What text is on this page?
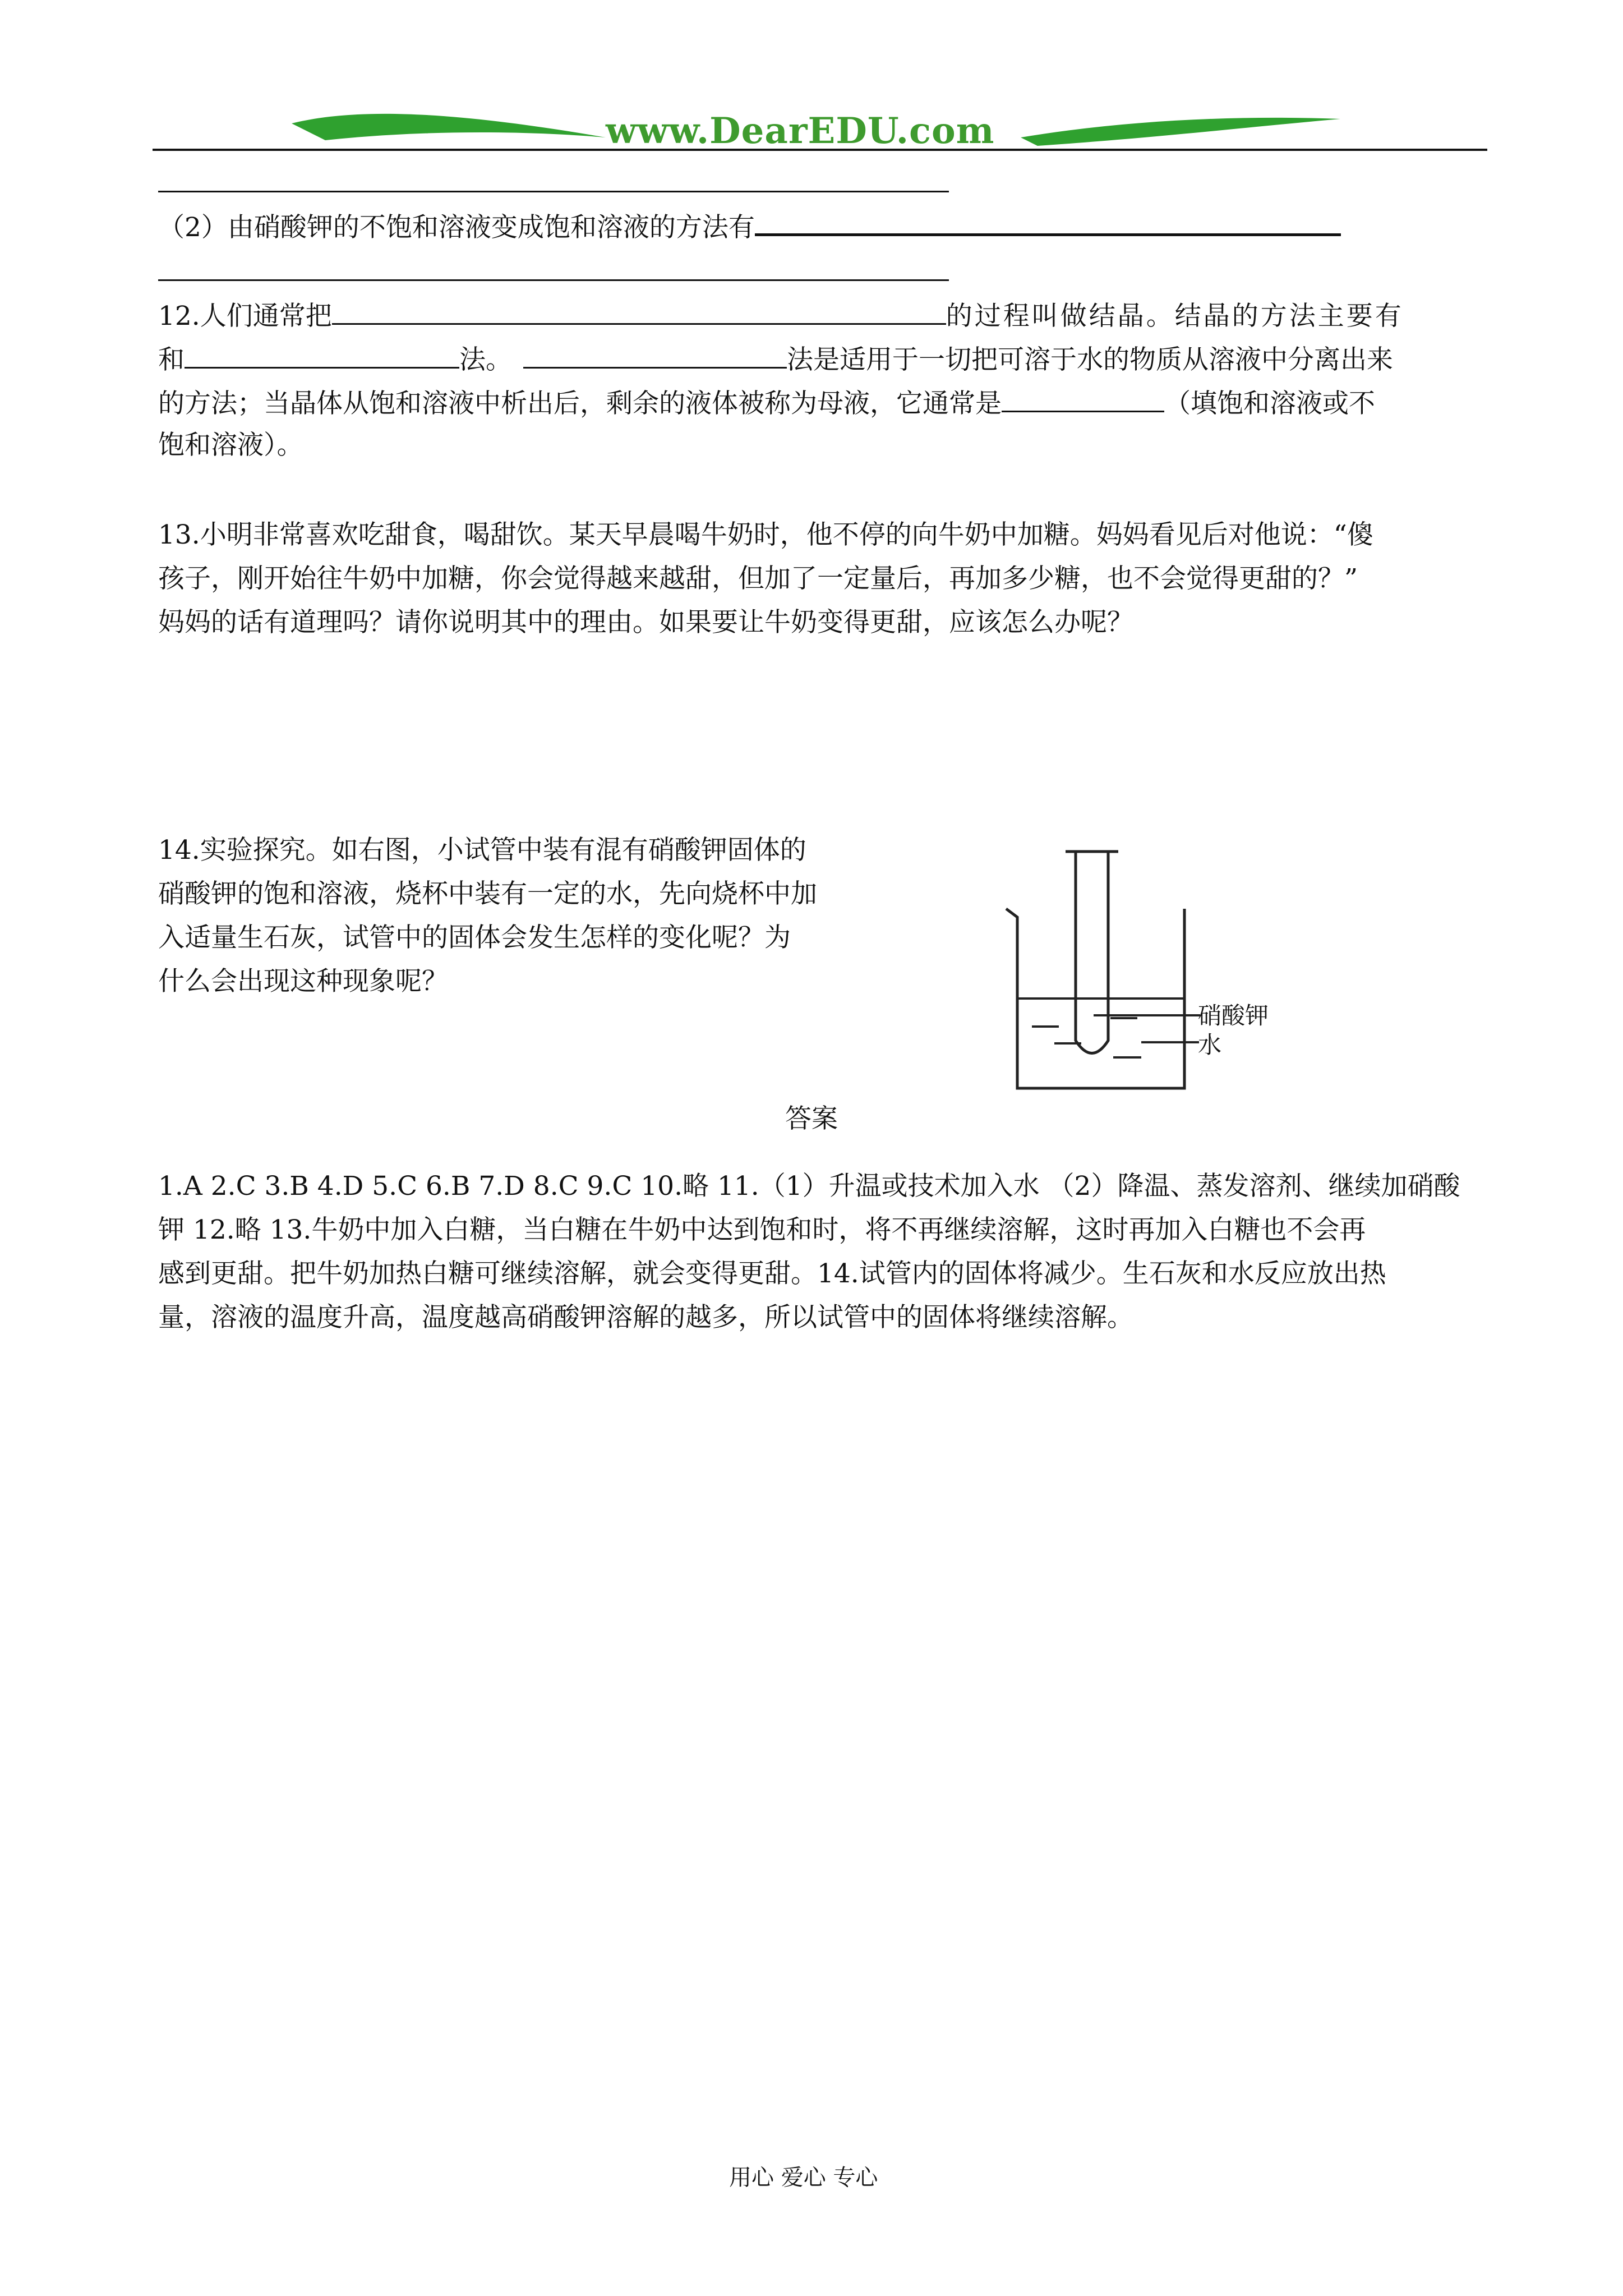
www.DearEDU.com
（2）由硝酸钾的不饱和溶液变成饱和溶液的方法有
12.人们通常把	的过程叫做结晶。结晶的方法主要有
和	法。	法是适用于一切把可溶于水的物质从溶液中分离出来
的方法；当晶体从饱和溶液中析出后，剩余的液体被称为母液，它通常是	（填饱和溶液或不
饱和溶液）。
13.小明非常喜欢吃甜食，喝甜饮。某天早晨喝牛奶时，他不停的向牛奶中加糖。妈妈看见后对他说：“傻
孩子，刚开始往牛奶中加糖，你会觉得越来越甜，但加了一定量后，再加多少糖，也不会觉得更甜的？”
妈妈的话有道理吗？请你说明其中的理由。如果要让牛奶变得更甜，应该怎么办呢？
14.实验探究。如右图，小试管中装有混有硝酸钾固体的
硝酸钾的饱和溶液，烧杯中装有一定的水，先向烧杯中加
入适量生石灰，试管中的固体会发生怎样的变化呢？为
什么会出现这种现象呢？
硝酸钾
水
答案
1.A 2.C 3.B 4.D 5.C 6.B 7.D 8.C 9.C 10.略 11.（1）升温或技术加入水 （2）降温、蒸发溶剂、继续加硝酸
钾 12.略 13.牛奶中加入白糖，当白糖在牛奶中达到饱和时，将不再继续溶解，这时再加入白糖也不会再
感到更甜。把牛奶加热白糖可继续溶解，就会变得更甜。14.试管内的固体将减少。生石灰和水反应放出热
量，溶液的温度升高，温度越高硝酸钾溶解的越多，所以试管中的固体将继续溶解。
用心 爱心 专心
